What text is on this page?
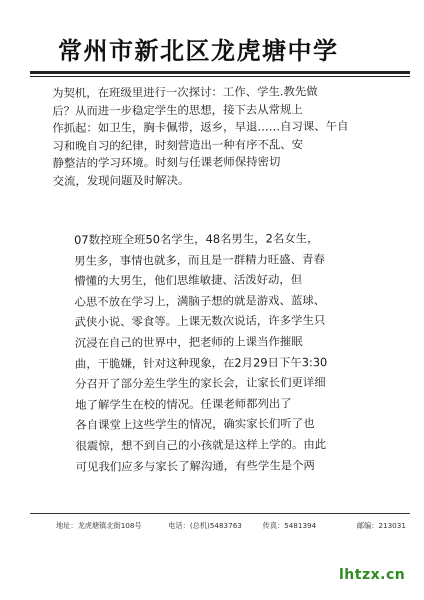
常州市新北区龙虎塘中学
为契机，在班级里进行一次探讨：工作、学生.教先做
后？从而进一步稳定学生的思想，接下去从常规上
作抓起：如卫生，胸卡佩带，返乡，早退……自习课、午自
习和晚自习的纪律，时刻营造出一种有序不乱、安
静整洁的学习环境。时刻与任课老师保持密切
交流，发现问题及时解决。
07数控班全班50名学生，48名男生，2名女生，
男生多，事情也就多，而且是一群精力旺盛、青春
懵懂的大男生，他们思维敏捷、活泼好动，但
心思不放在学习上，满脑子想的就是游戏、蓝球、
武侠小说、零食等。上课无数次说话，许多学生只
沉浸在自己的世界中，把老师的上课当作摧眠
曲，干脆嫌，针对这种现象，在2月29日下午3:30
分召开了部分差生学生的家长会，让家长们更详细
地了解学生在校的情况。任课老师都列出了
各自课堂上这些学生的情况，确实家长们听了也
很震惊，想不到自己的小孩就是这样上学的。由此
可见我们应多与家长了解沟通，有些学生是个两
地址：龙虎塘镇北街108号	电话：(总机)5483763	传真：5481394	邮编：213031
lhtzx.cn
